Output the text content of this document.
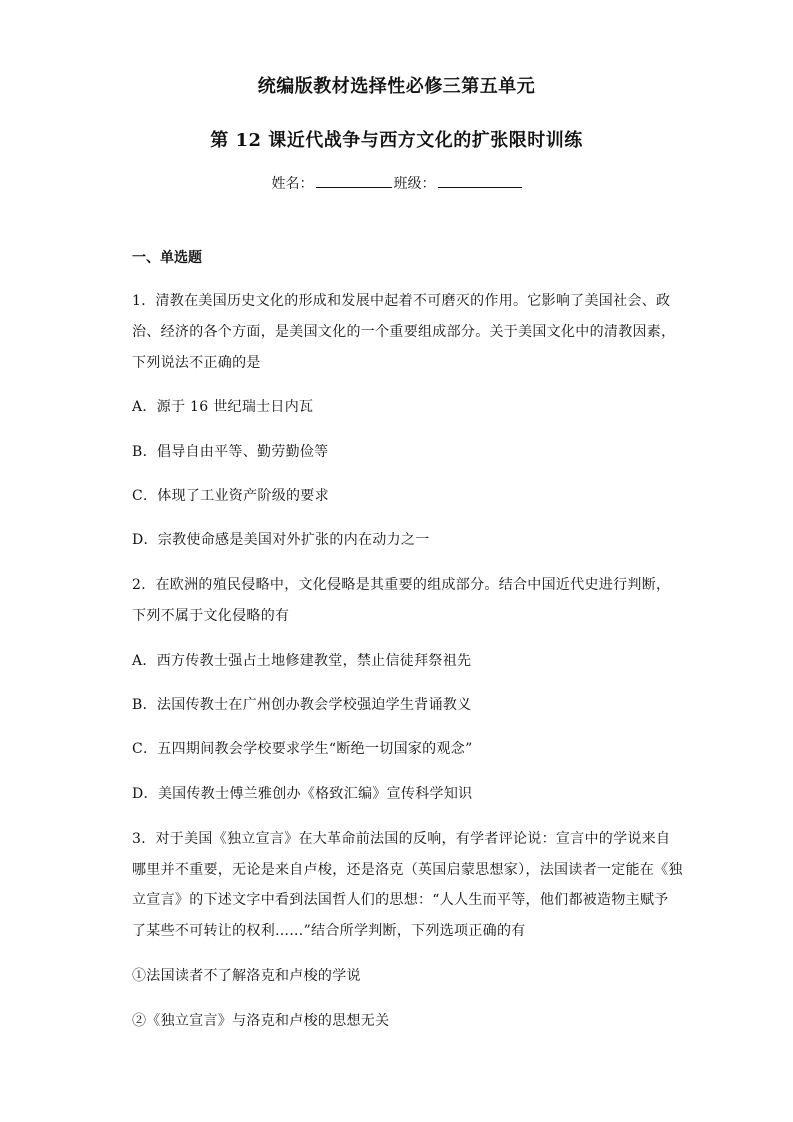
统编版教材选择性必修三第五单元
第 12 课近代战争与西方文化的扩张限时训练
姓名：	班级：
一、单选题
1．清教在美国历史文化的形成和发展中起着不可磨灭的作用。它影响了美国社会、政
治、经济的各个方面，是美国文化的一个重要组成部分。关于美国文化中的清教因素，
下列说法不正确的是
A．源于 16 世纪瑞士日内瓦
B．倡导自由平等、勤劳勤俭等
C．体现了工业资产阶级的要求
D．宗教使命感是美国对外扩张的内在动力之一
2．在欧洲的殖民侵略中，文化侵略是其重要的组成部分。结合中国近代史进行判断，
下列不属于文化侵略的有
A．西方传教士强占土地修建教堂，禁止信徒拜祭祖先
B．法国传教士在广州创办教会学校强迫学生背诵教义
C．五四期间教会学校要求学生“断绝一切国家的观念”
D．美国传教士傅兰雅创办《格致汇编》宣传科学知识
3．对于美国《独立宣言》在大革命前法国的反响，有学者评论说：宣言中的学说来自
哪里并不重要，无论是来自卢梭，还是洛克（英国启蒙思想家），法国读者一定能在《独
立宣言》的下述文字中看到法国哲人们的思想：“人人生而平等，他们都被造物主赋予
了某些不可转让的权利……”结合所学判断，下列选项正确的有
①法国读者不了解洛克和卢梭的学说
②《独立宣言》与洛克和卢梭的思想无关
